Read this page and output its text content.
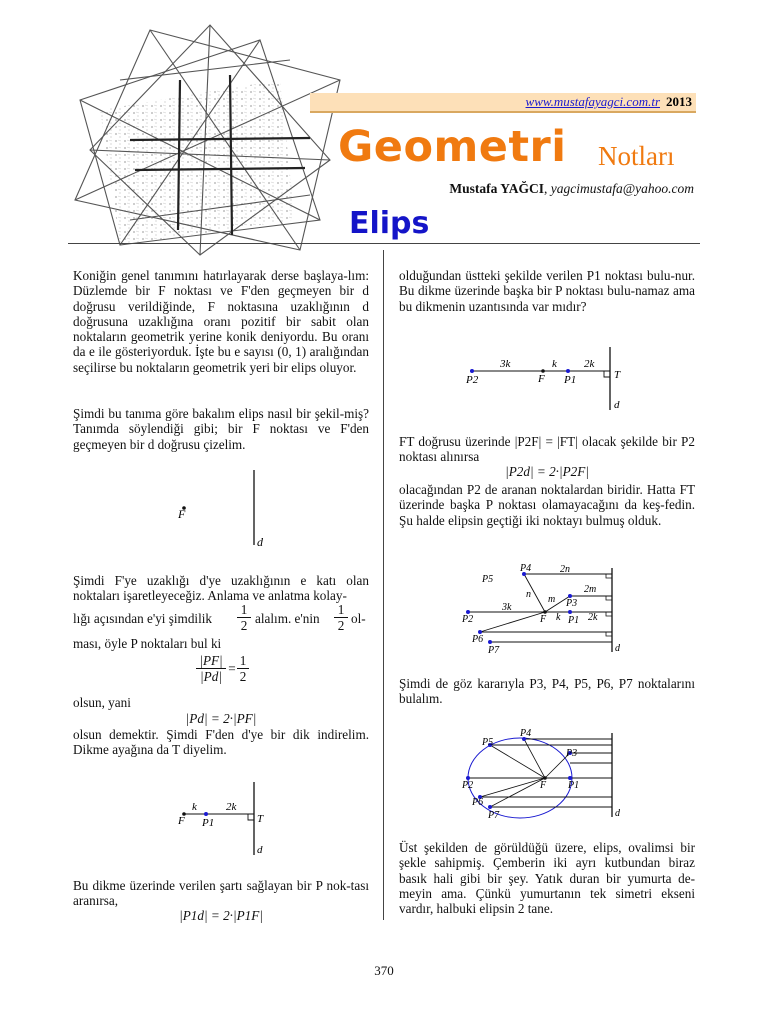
www.mustafayagci.com.tr 2013
Geometri Notları
Mustafa YAĞCI, yagcimustafa@yahoo.com
Elips
Koniğin genel tanımını hatırlayarak derse başlaya-lım: Düzlemde bir F noktası ve F'den geçmeyen bir d doğrusu verildiğinde, F noktasına uzaklığının d doğrusuna uzaklığına oranı pozitif bir sabit olan noktaların geometrik yerine konik deniyordu. Bu oranı da e ile gösteriyorduk. İşte bu e sayısı (0, 1) aralığından seçilirse bu noktaların geometrik yeri bir elips oluyor.
Şimdi bu tanıma göre bakalım elips nasıl bir şekil-miş? Tanımda söylendiği gibi; bir F noktası ve F'den geçmeyen bir d doğrusu çizelim.
F
d
Şimdi F'ye uzaklığı d'ye uzaklığının e katı olan noktaları işaretleyeceğiz. Anlama ve anlatma kolay-
lığı açısından e'yi şimdilik	$\frac{1}{2}$ alalım. e'nin	$\frac{1}{2} ol-$
ması, öyle P noktaları bul ki
$\frac{|PF|}{|Pd|} = \frac{1}{2}$
olsun, yani
|Pd| = 2·|PF|
olsun demektir. Şimdi F'den d'ye bir dik indirelim. Dikme ayağına da T diyelim.
k	2k
F P1	T
d
Bu dikme üzerinde verilen şartı sağlayan bir P nok-tası aranırsa,
|P1d| = 2·|P1F|
olduğundan üstteki şekilde verilen P1 noktası bulu-nur. Bu dikme üzerinde başka bir P noktası bulu-namaz ama bu dikmenin uzantısında var mıdır?
3k	k 2k
P2	F P1	T
d
FT doğrusu üzerinde |P2F| = |FT| olacak şekilde bir P2 noktası alınırsa
|P2d| = 2·|P2F|
olacağından P2 de aranan noktalardan biridir. Hatta FT üzerinde başka P noktası olamayacağını da keş-fedin. Şu halde elipsin geçtiği iki noktayı bulmuş olduk.
P5
P4	2n
n	2m
m P3
3k
k	2k
P2	F P1
P6
P7	d
Şimdi de göz kararıyla P3, P4, P5, P6, P7 noktalarını bulalım.
P4
P5
P3
P2	F P1
P6
P7	d
Üst şekilden de görüldüğü üzere, elips, ovalimsi bir şekle sahipmiş. Çemberin iki ayrı kutbundan biraz basık hali gibi bir şey. Yatık duran bir yumurta de-meyin ama. Çünkü yumurtanın tek simetri ekseni vardır, halbuki elipsin 2 tane.
370
